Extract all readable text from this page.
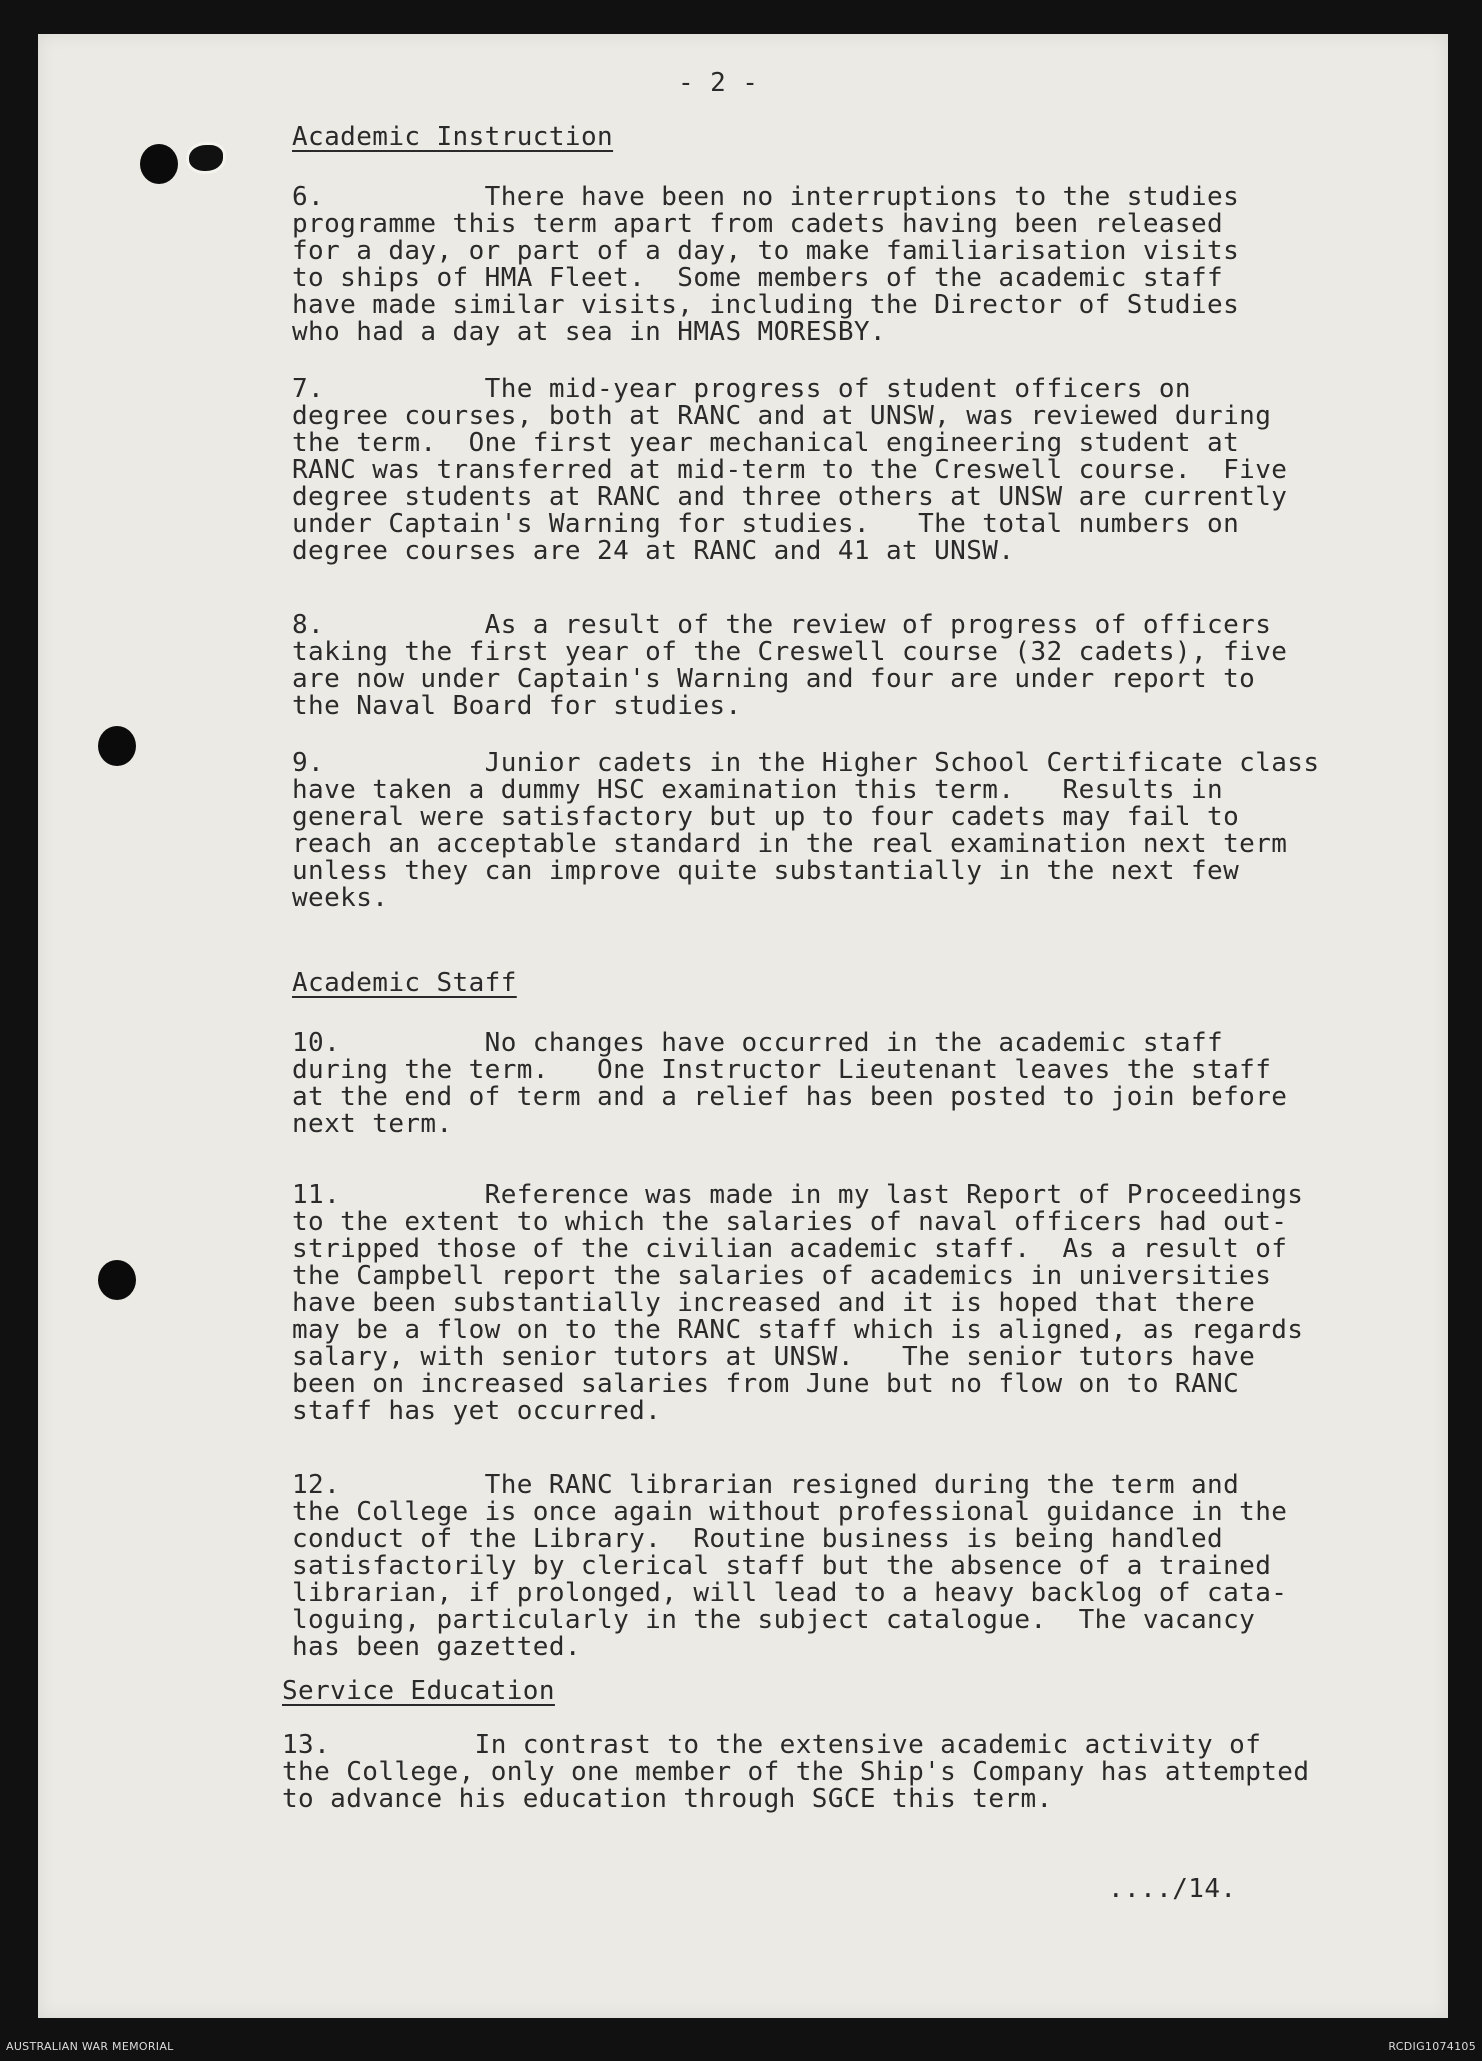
- 2 -
Academic Instruction
6.          There have been no interruptions to the studies
programme this term apart from cadets having been released
for a day, or part of a day, to make familiarisation visits
to ships of HMA Fleet.  Some members of the academic staff
have made similar visits, including the Director of Studies
who had a day at sea in HMAS MORESBY.
7.          The mid-year progress of student officers on
degree courses, both at RANC and at UNSW, was reviewed during
the term.  One first year mechanical engineering student at
RANC was transferred at mid-term to the Creswell course.  Five
degree students at RANC and three others at UNSW are currently
under Captain's Warning for studies.   The total numbers on
degree courses are 24 at RANC and 41 at UNSW.
8.          As a result of the review of progress of officers
taking the first year of the Creswell course (32 cadets), five
are now under Captain's Warning and four are under report to
the Naval Board for studies.
9.          Junior cadets in the Higher School Certificate class
have taken a dummy HSC examination this term.   Results in
general were satisfactory but up to four cadets may fail to
reach an acceptable standard in the real examination next term
unless they can improve quite substantially in the next few
weeks.
Academic Staff
10.         No changes have occurred in the academic staff
during the term.   One Instructor Lieutenant leaves the staff
at the end of term and a relief has been posted to join before
next term.
11.         Reference was made in my last Report of Proceedings
to the extent to which the salaries of naval officers had out-
stripped those of the civilian academic staff.  As a result of
the Campbell report the salaries of academics in universities
have been substantially increased and it is hoped that there
may be a flow on to the RANC staff which is aligned, as regards
salary, with senior tutors at UNSW.   The senior tutors have
been on increased salaries from June but no flow on to RANC
staff has yet occurred.
12.         The RANC librarian resigned during the term and
the College is once again without professional guidance in the
conduct of the Library.  Routine business is being handled
satisfactorily by clerical staff but the absence of a trained
librarian, if prolonged, will lead to a heavy backlog of cata-
loguing, particularly in the subject catalogue.  The vacancy
has been gazetted.
Service Education
13.         In contrast to the extensive academic activity of
the College, only one member of the Ship's Company has attempted
to advance his education through SGCE this term.
..../14.
AUSTRALIAN WAR MEMORIAL	RCDIG1074105
